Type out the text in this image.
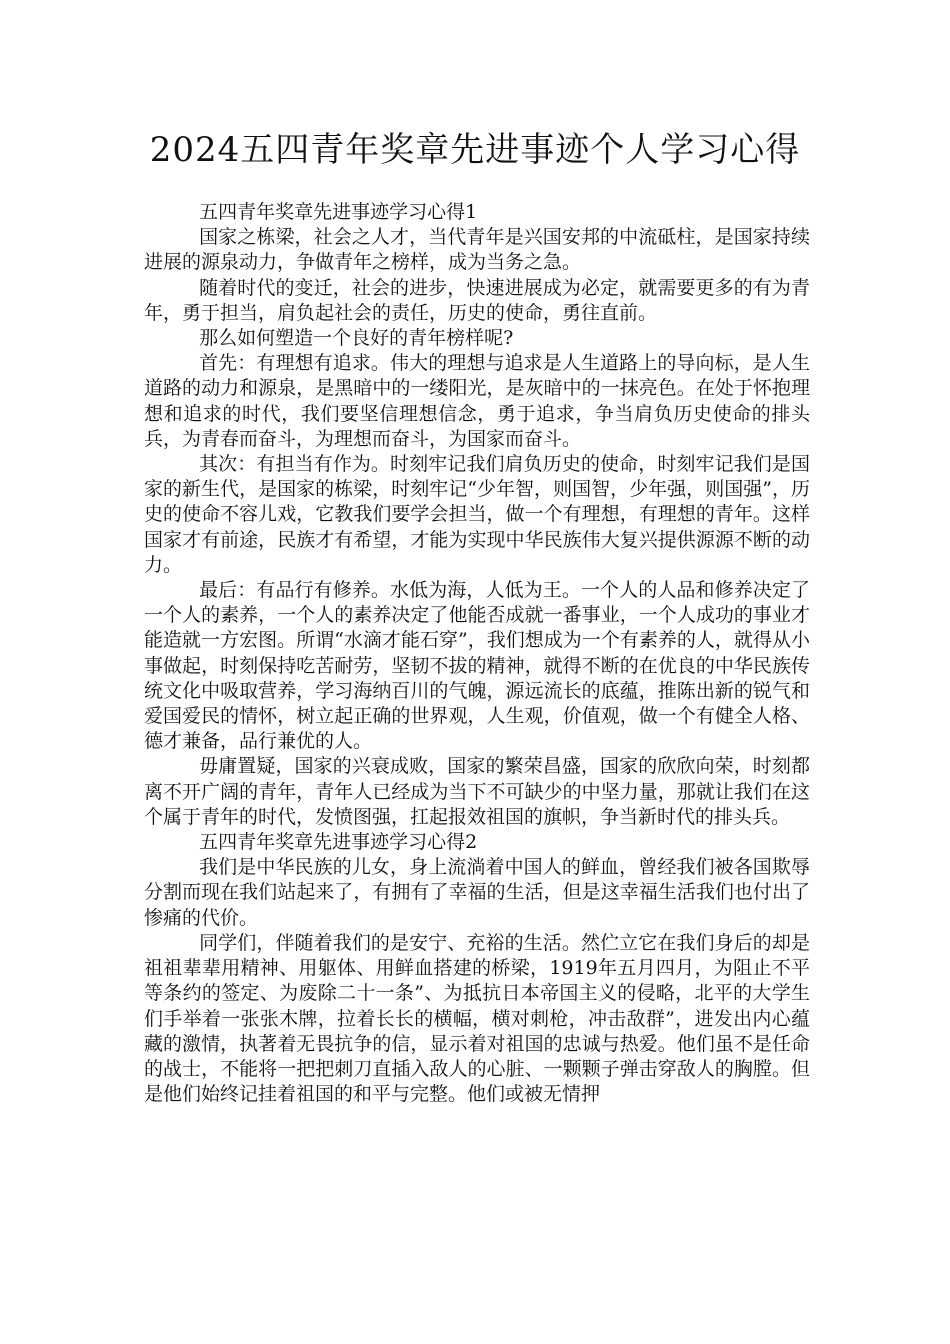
2024五四青年奖章先进事迹个人学习心得

五四青年奖章先进事迹学习心得1

国家之栋梁，社会之人才，当代青年是兴国安邦的中流砥柱，是国家持续进展的源泉动力，争做青年之榜样，成为当务之急。

随着时代的变迁，社会的进步，快速进展成为必定，就需要更多的有为青年，勇于担当，肩负起社会的责任，历史的使命，勇往直前。

那么如何塑造一个良好的青年榜样呢?

首先：有理想有追求。伟大的理想与追求是人生道路上的导向标，是人生道路的动力和源泉，是黑暗中的一缕阳光，是灰暗中的一抹亮色。在处于怀抱理想和追求的时代，我们要坚信理想信念，勇于追求，争当肩负历史使命的排头兵，为青春而奋斗，为理想而奋斗，为国家而奋斗。

其次：有担当有作为。时刻牢记我们肩负历史的使命，时刻牢记我们是国家的新生代，是国家的栋梁，时刻牢记“少年智，则国智，少年强，则国强”，历史的使命不容儿戏，它教我们要学会担当，做一个有理想，有理想的青年。这样国家才有前途，民族才有希望，才能为实现中华民族伟大复兴提供源源不断的动力。

最后：有品行有修养。水低为海，人低为王。一个人的人品和修养决定了一个人的素养，一个人的素养决定了他能否成就一番事业，一个人成功的事业才能造就一方宏图。所谓“水滴才能石穿”，我们想成为一个有素养的人，就得从小事做起，时刻保持吃苦耐劳，坚韧不拔的精神，就得不断的在优良的中华民族传统文化中吸取营养，学习海纳百川的气魄，源远流长的底蕴，推陈出新的锐气和爱国爱民的情怀，树立起正确的世界观，人生观，价值观，做一个有健全人格、德才兼备，品行兼优的人。

毋庸置疑，国家的兴衰成败，国家的繁荣昌盛，国家的欣欣向荣，时刻都离不开广阔的青年，青年人已经成为当下不可缺少的中坚力量，那就让我们在这个属于青年的时代，发愤图强，扛起报效祖国的旗帜，争当新时代的排头兵。

五四青年奖章先进事迹学习心得2

我们是中华民族的儿女，身上流淌着中国人的鲜血，曾经我们被各国欺辱分割而现在我们站起来了，有拥有了幸福的生活，但是这幸福生活我们也付出了惨痛的代价。

同学们，伴随着我们的是安宁、充裕的生活。然伫立它在我们身后的却是祖祖辈辈用精神、用躯体、用鲜血搭建的桥梁，1919年五月四月，为阻止不平等条约的签定、为废除二十一条”、为抵抗日本帝国主义的侵略，北平的大学生们手举着一张张木牌，拉着长长的横幅，横对刺枪，冲击敌群”，进发出内心蕴藏的激情，执著着无畏抗争的信，显示着对祖国的忠诚与热爱。他们虽不是任命的战士，不能将一把把刺刀直插入敌人的心脏、一颗颗子弹击穿敌人的胸膛。但是他们始终记挂着祖国的和平与完整。他们或被无情押
